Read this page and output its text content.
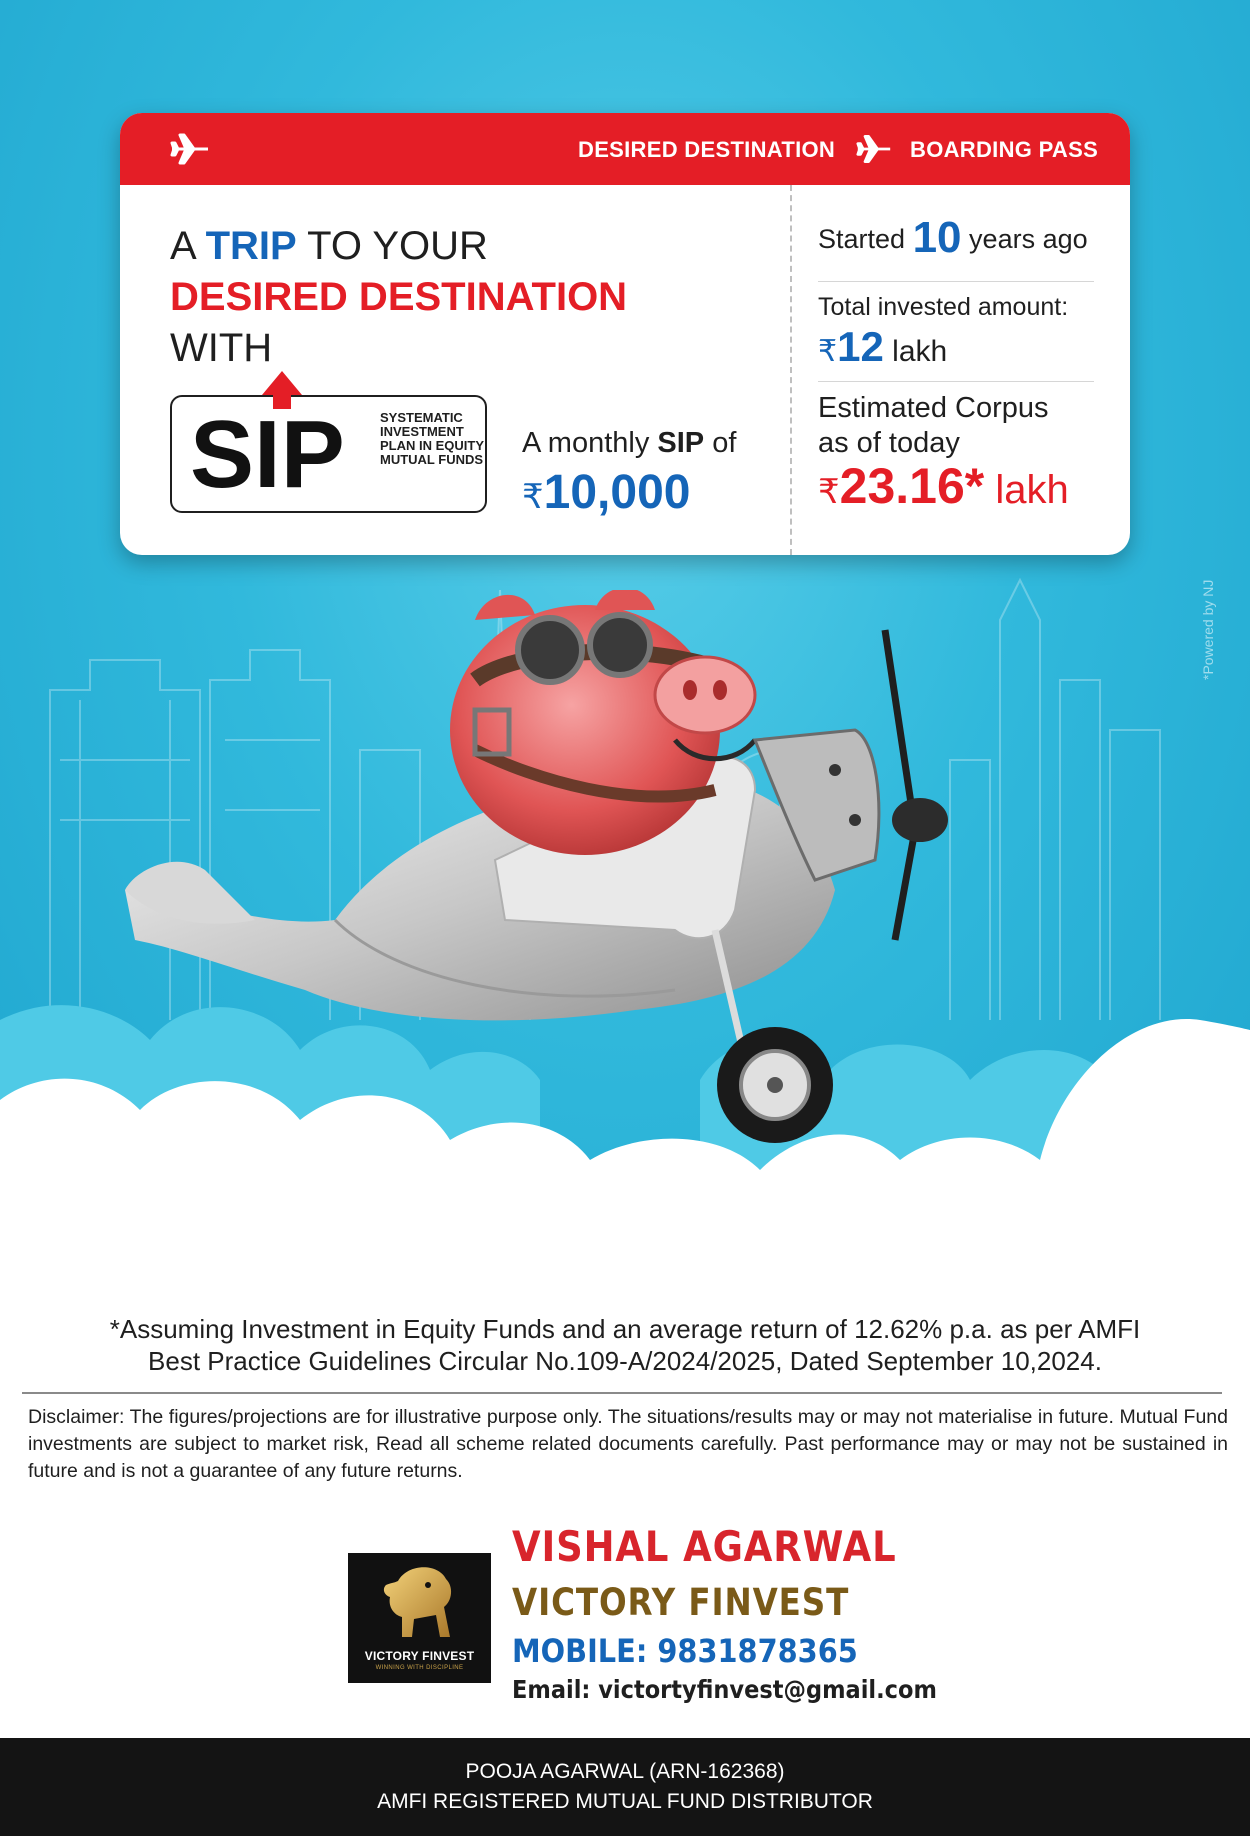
*Powered by NJ
DESIRED DESTINATION	BOARDING PASS
A TRIP TO YOUR
DESIRED DESTINATION
WITH
SIP	SYSTEMATIC INVESTMENT PLAN IN EQUITY MUTUAL FUNDS
A monthly SIP of
₹10,000
Started 10 years ago
Total invested amount:
₹12 lakh
Estimated Corpus
as of today
₹23.16* lakh
*Assuming Investment in Equity Funds and an average return of 12.62% p.a. as per AMFI
Best Practice Guidelines Circular No.109-A/2024/2025, Dated September 10,2024.
Disclaimer: The figures/projections are for illustrative purpose only. The situations/results may or may not materialise in future. Mutual Fund investments are subject to market risk, Read all scheme related documents carefully. Past performance may or may not be sustained in future and is not a guarantee of any future returns.
VICTORY FINVEST
WINNING WITH DISCIPLINE
VISHAL AGARWAL
VICTORY FINVEST
MOBILE: 9831878365
Email: victortyfinvest@gmail.com
POOJA AGARWAL (ARN-162368)
AMFI REGISTERED MUTUAL FUND DISTRIBUTOR
